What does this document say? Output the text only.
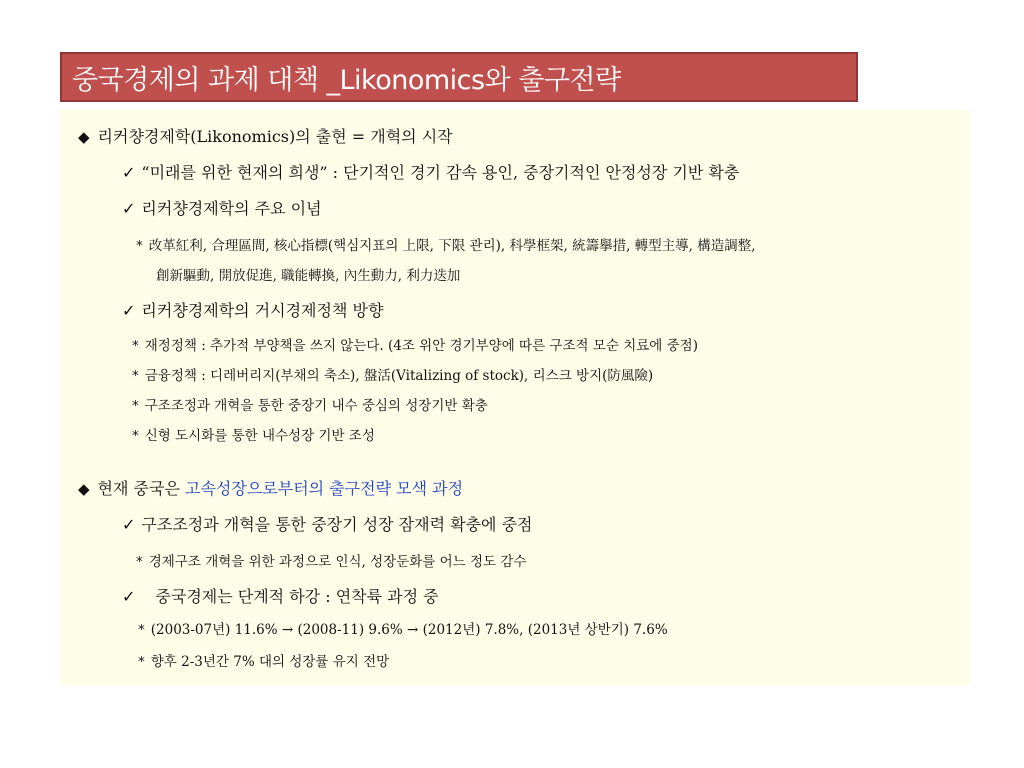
중국경제의 과제 대책 _Likonomics와 출구전략
◆ 리커챵경제학(Likonomics)의 출현 = 개혁의 시작
✓ “미래를 위한 현재의 희생” : 단기적인 경기 감속 용인, 중장기적인 안정성장 기반 확충
✓ 리커챵경제학의 주요 이념
* 改革紅利, 合理區間, 核心指標(핵심지표의 上限, 下限 관리), 科學框架, 統籌擧措, 轉型主導, 構造調整,
創新驅動, 開放促進, 職能轉換, 內生動力, 利力迭加
✓ 리커챵경제학의 거시경제정책 방향
* 재정정책 : 추가적 부양책을 쓰지 않는다. (4조 위안 경기부양에 따른 구조적 모순 치료에 중점)
* 금융정책 : 디레버리지(부채의 축소), 盤活(Vitalizing of stock), 리스크 방지(防風險)
* 구조조정과 개혁을 통한 중장기 내수 중심의 성장기반 확충
* 신형 도시화를 통한 내수성장 기반 조성
◆ 현재 중국은 고속성장으로부터의 출구전략 모색 과정
✓ 구조조정과 개혁을 통한 중장기 성장 잠재력 확충에 중점
* 경제구조 개혁을 위한 과정으로 인식, 성장둔화를 어느 정도 감수
✓ 중국경제는 단계적 하강 : 연착륙 과정 중
* (2003-07년) 11.6% → (2008-11) 9.6% → (2012년) 7.8%, (2013년 상반기) 7.6%
* 향후 2-3년간 7% 대의 성장률 유지 전망
